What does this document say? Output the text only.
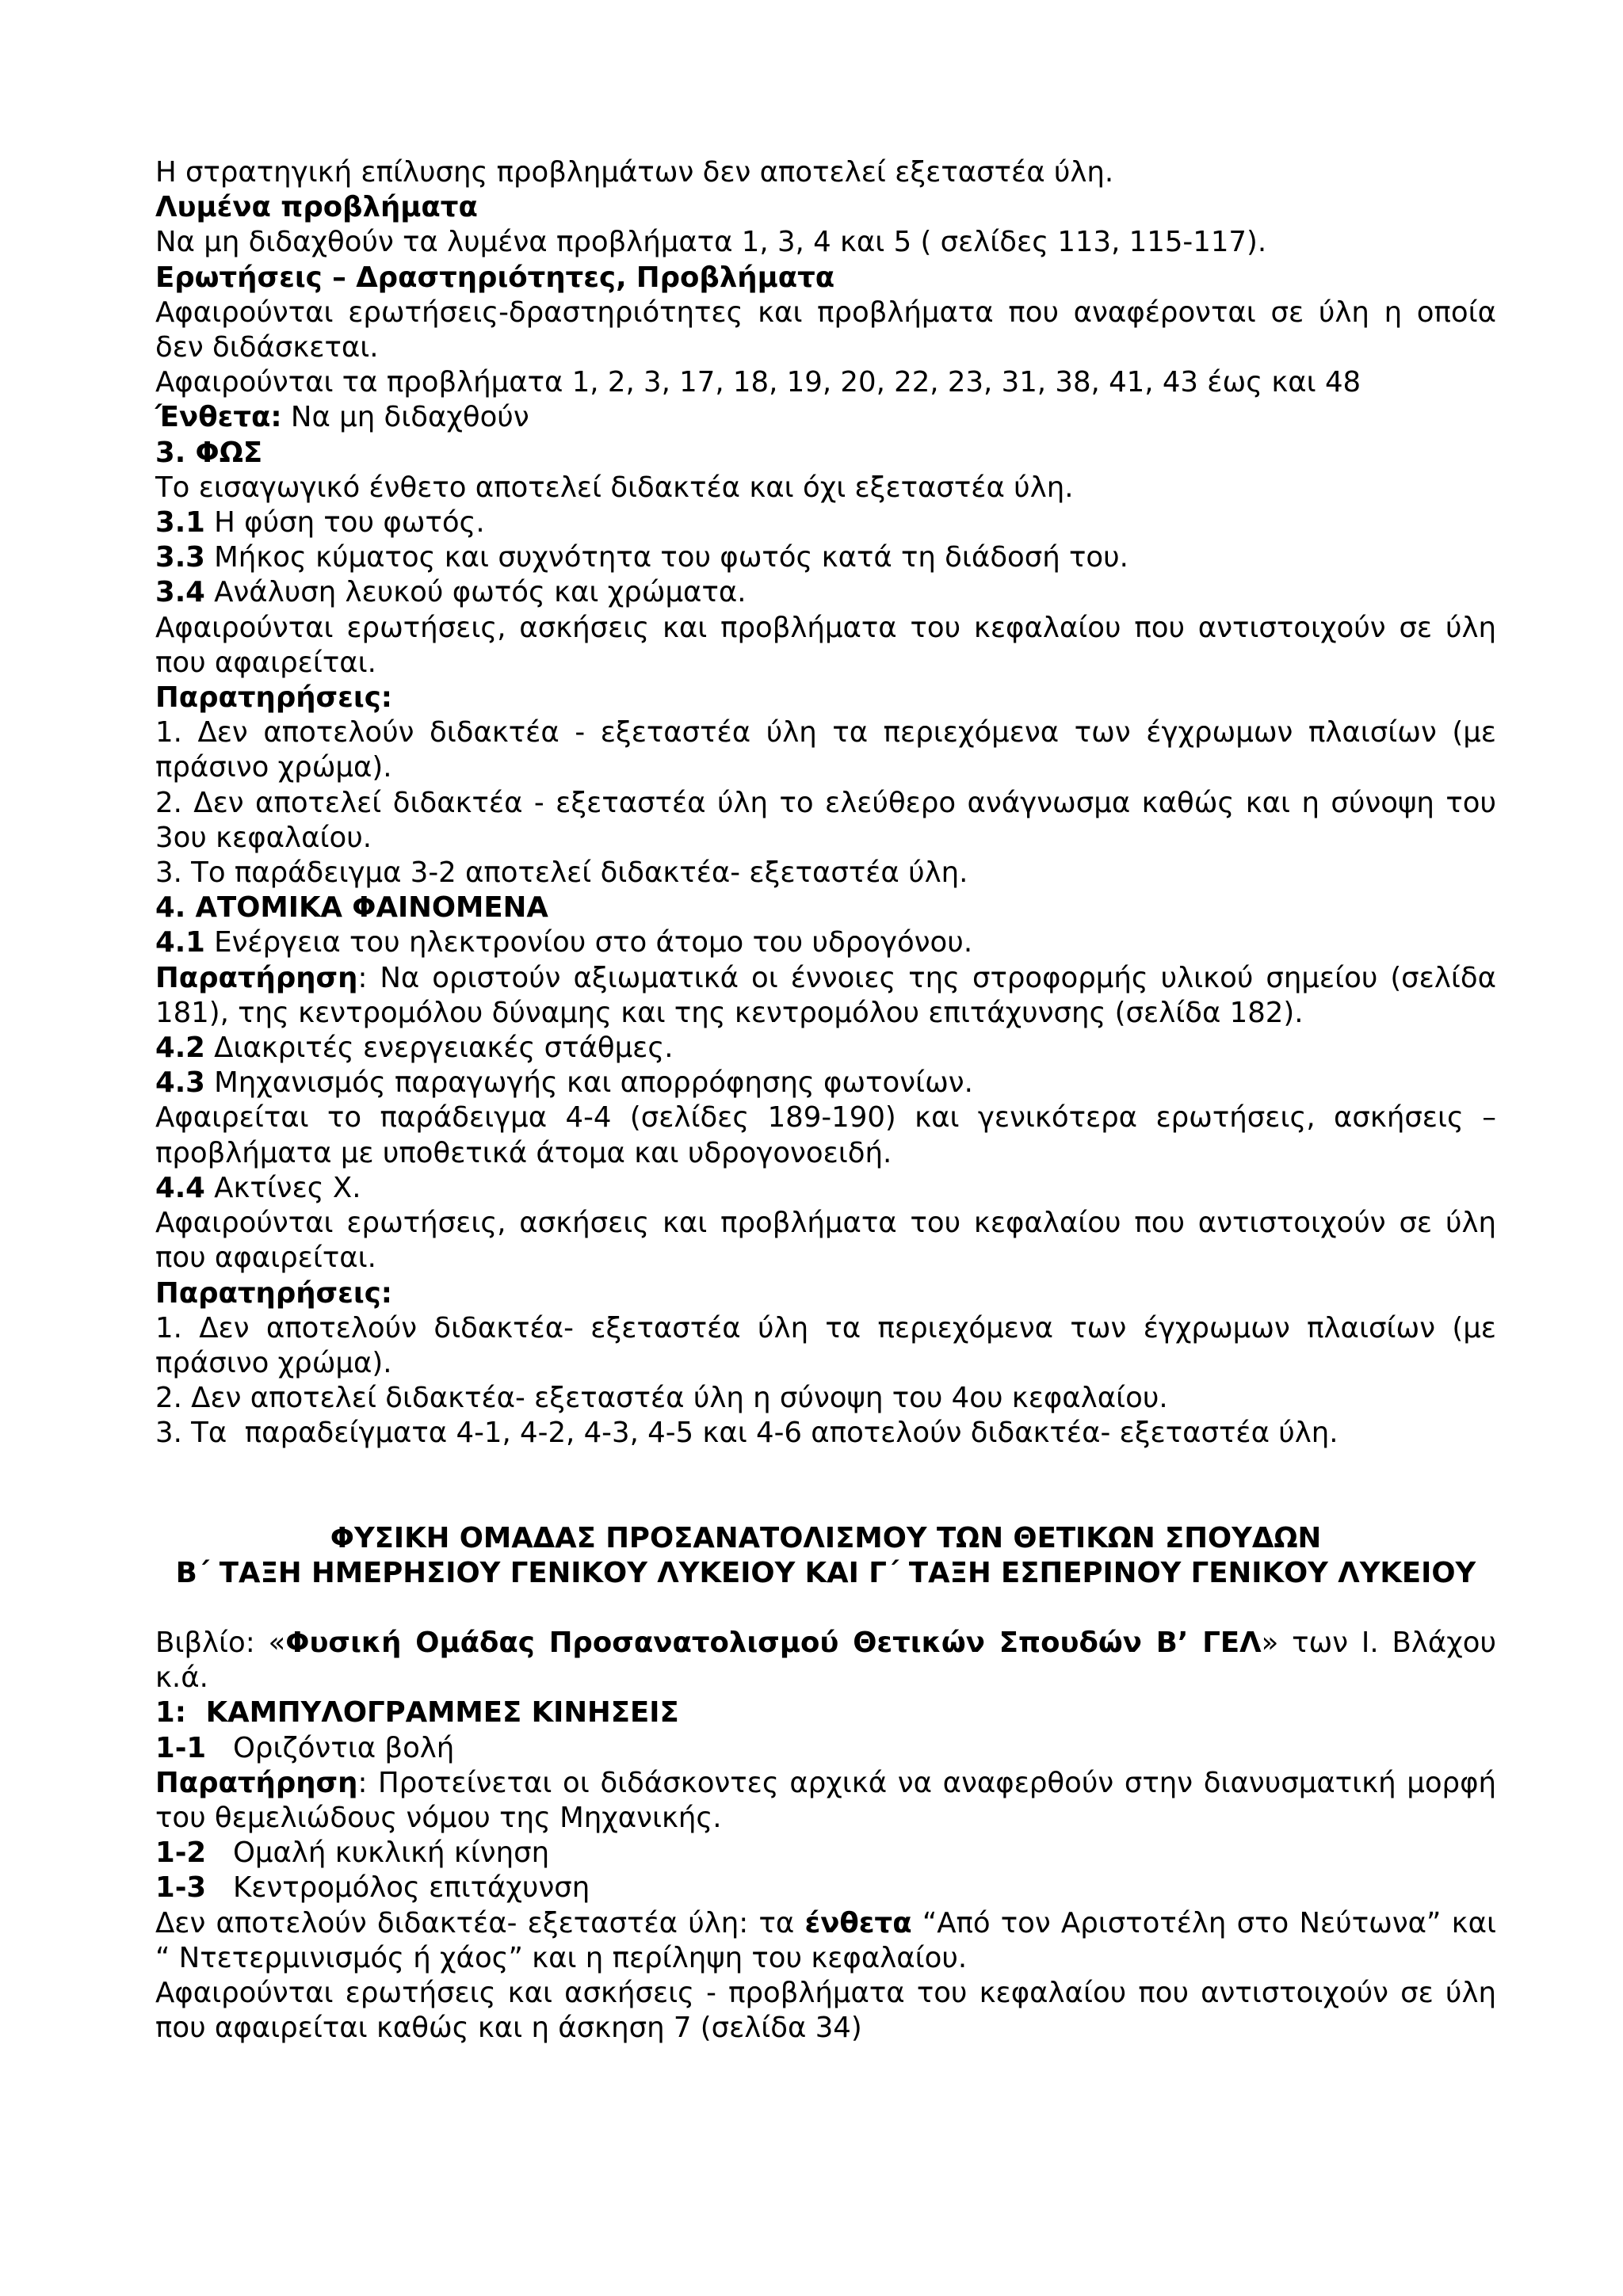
Η στρατηγική επίλυσης προβλημάτων δεν αποτελεί εξεταστέα ύλη.

Λυμένα προβλήματα

Να μη διδαχθούν τα λυμένα προβλήματα 1, 3, 4 και 5 ( σελίδες 113, 115-117).

Ερωτήσεις – Δραστηριότητες, Προβλήματα

Αφαιρούνται ερωτήσεις-δραστηριότητες και προβλήματα που αναφέρονται σε ύλη η οποία δεν διδάσκεται.

Αφαιρούνται τα προβλήματα 1, 2, 3, 17, 18, 19, 20, 22, 23, 31, 38, 41, 43 έως και 48

Ένθετα: Να μη διδαχθούν

3. ΦΩΣ

Το εισαγωγικό ένθετο αποτελεί διδακτέα και όχι εξεταστέα ύλη.

3.1 Η φύση του φωτός.

3.3 Μήκος κύματος και συχνότητα του φωτός κατά τη διάδοσή του.

3.4 Ανάλυση λευκού φωτός και χρώματα.

Αφαιρούνται ερωτήσεις, ασκήσεις και προβλήματα του κεφαλαίου που αντιστοιχούν σε ύλη που αφαιρείται.

Παρατηρήσεις:

1. Δεν αποτελούν διδακτέα - εξεταστέα ύλη τα περιεχόμενα των έγχρωμων πλαισίων (με πράσινο χρώμα).

2. Δεν αποτελεί διδακτέα - εξεταστέα ύλη το ελεύθερο ανάγνωσμα καθώς και η σύνοψη του 3ου κεφαλαίου.

3. Το παράδειγμα 3-2 αποτελεί διδακτέα- εξεταστέα ύλη.

4. ΑΤΟΜΙΚΑ ΦΑΙΝΟΜΕΝΑ

4.1 Ενέργεια του ηλεκτρονίου στο άτομο του υδρογόνου.

Παρατήρηση: Να οριστούν αξιωματικά οι έννοιες της στροφορμής υλικού σημείου (σελίδα 181), της κεντρομόλου δύναμης και της κεντρομόλου επιτάχυνσης (σελίδα 182).

4.2 Διακριτές ενεργειακές στάθμες.

4.3 Μηχανισμός παραγωγής και απορρόφησης φωτονίων.

Αφαιρείται το παράδειγμα 4-4 (σελίδες 189-190) και γενικότερα ερωτήσεις, ασκήσεις – προβλήματα με υποθετικά άτομα και υδρογονοειδή.

4.4 Ακτίνες Χ.

Αφαιρούνται ερωτήσεις, ασκήσεις και προβλήματα του κεφαλαίου που αντιστοιχούν σε ύλη που αφαιρείται.

Παρατηρήσεις:

1. Δεν αποτελούν διδακτέα- εξεταστέα ύλη τα περιεχόμενα των έγχρωμων πλαισίων (με πράσινο χρώμα).

2. Δεν αποτελεί διδακτέα- εξεταστέα ύλη η σύνοψη του 4ου κεφαλαίου.

3. Τα  παραδείγματα 4-1, 4-2, 4-3, 4-5 και 4-6 αποτελούν διδακτέα- εξεταστέα ύλη.

ΦΥΣΙΚΗ ΟΜΑΔΑΣ ΠΡΟΣΑΝΑΤΟΛΙΣΜΟΥ ΤΩΝ ΘΕΤΙΚΩΝ ΣΠΟΥΔΩΝ

Β΄ ΤΑΞΗ ΗΜΕΡΗΣΙΟΥ ΓΕΝΙΚΟΥ ΛΥΚΕΙΟΥ ΚΑΙ Γ΄ ΤΑΞΗ ΕΣΠΕΡΙΝΟΥ ΓΕΝΙΚΟΥ ΛΥΚΕΙΟΥ

Βιβλίο: «Φυσική Ομάδας Προσανατολισμού Θετικών Σπουδών Β’ ΓΕΛ» των Ι. Βλάχου κ.ά.

1:  ΚΑΜΠΥΛΟΓΡΑΜΜΕΣ ΚΙΝΗΣΕΙΣ

1-1   Οριζόντια βολή

Παρατήρηση: Προτείνεται οι διδάσκοντες αρχικά να αναφερθούν στην διανυσματική μορφή του θεμελιώδους νόμου της Μηχανικής.

1-2   Ομαλή κυκλική κίνηση

1-3   Κεντρομόλος επιτάχυνση

Δεν αποτελούν διδακτέα- εξεταστέα ύλη: τα ένθετα “Από τον Αριστοτέλη στο Νεύτωνα” και “ Ντετερμινισμός ή χάος” και η περίληψη του κεφαλαίου.

Αφαιρούνται ερωτήσεις και ασκήσεις - προβλήματα του κεφαλαίου που αντιστοιχούν σε ύλη που αφαιρείται καθώς και η άσκηση 7 (σελίδα 34)
